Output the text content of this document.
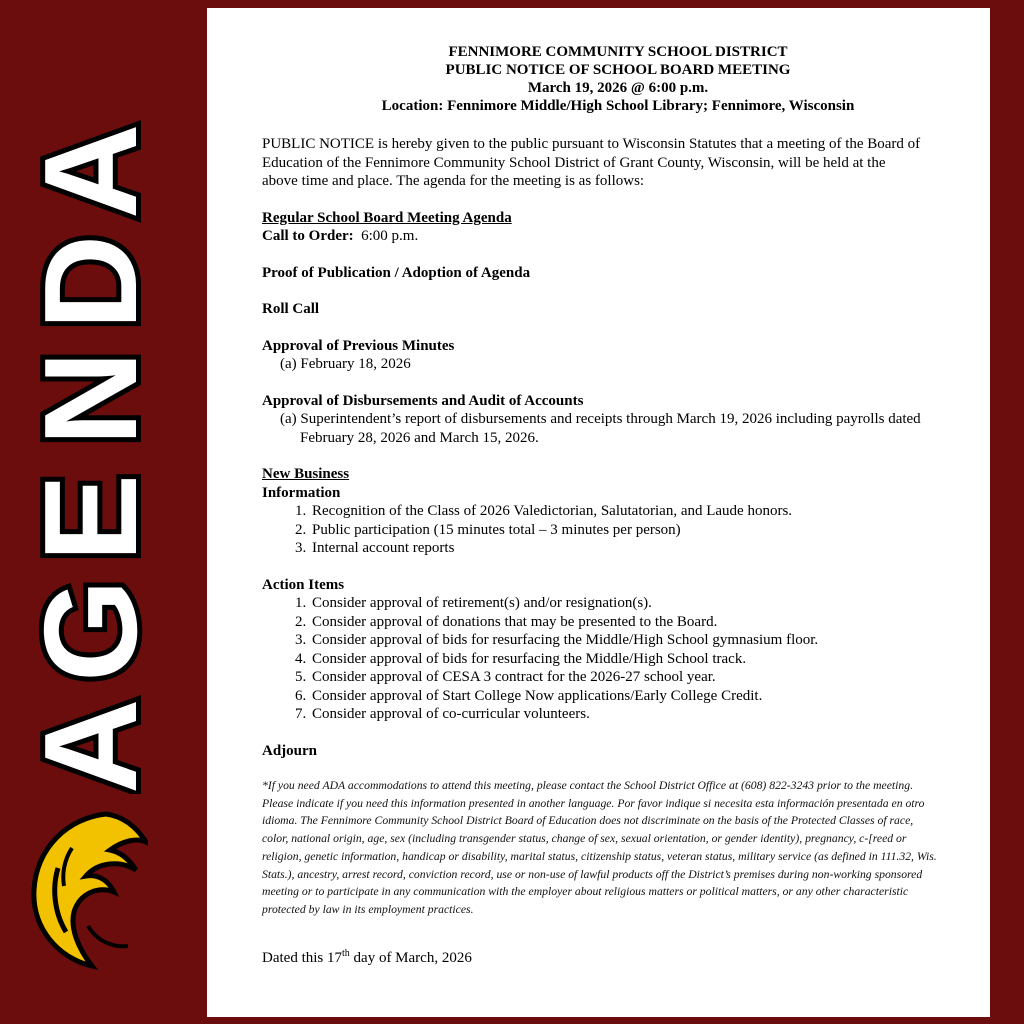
A
G
E
N
D
A
FENNIMORE COMMUNITY SCHOOL DISTRICT
PUBLIC NOTICE OF SCHOOL BOARD MEETING
March 19, 2026 @ 6:00 p.m.
Location: Fennimore Middle/High School Library; Fennimore, Wisconsin
PUBLIC NOTICE is hereby given to the public pursuant to Wisconsin Statutes that a meeting of the Board of Education of the Fennimore Community School District of Grant County, Wisconsin, will be held at the above time and place. The agenda for the meeting is as follows:
Regular School Board Meeting Agenda
Call to Order: 6:00 p.m.
Proof of Publication / Adoption of Agenda
Roll Call
Approval of Previous Minutes
(a) February 18, 2026
Approval of Disbursements and Audit of Accounts
(a) Superintendent’s report of disbursements and receipts through March 19, 2026 including payrolls dated February 28, 2026 and March 15, 2026.
New Business
Information
1. Recognition of the Class of 2026 Valedictorian, Salutatorian, and Laude honors.
2. Public participation (15 minutes total – 3 minutes per person)
3. Internal account reports
Action Items
1. Consider approval of retirement(s) and/or resignation(s).
2. Consider approval of donations that may be presented to the Board.
3. Consider approval of bids for resurfacing the Middle/High School gymnasium floor.
4. Consider approval of bids for resurfacing the Middle/High School track.
5. Consider approval of CESA 3 contract for the 2026-27 school year.
6. Consider approval of Start College Now applications/Early College Credit.
7. Consider approval of co-curricular volunteers.
Adjourn
*If you need ADA accommodations to attend this meeting, please contact the School District Office at (608) 822-3243 prior to the meeting. Please indicate if you need this information presented in another language. Por favor indique si necesita esta información presentada en otro idioma. The Fennimore Community School District Board of Education does not discriminate on the basis of the Protected Classes of race, color, national origin, age, sex (including transgender status, change of sex, sexual orientation, or gender identity), pregnancy, c-[reed or religion, genetic information, handicap or disability, marital status, citizenship status, veteran status, military service (as defined in 111.32, Wis. Stats.), ancestry, arrest record, conviction record, use or non-use of lawful products off the District’s premises during non-working sponsored meeting or to participate in any communication with the employer about religious matters or political matters, or any other characteristic protected by law in its employment practices.
Dated this 17th day of March, 2026
